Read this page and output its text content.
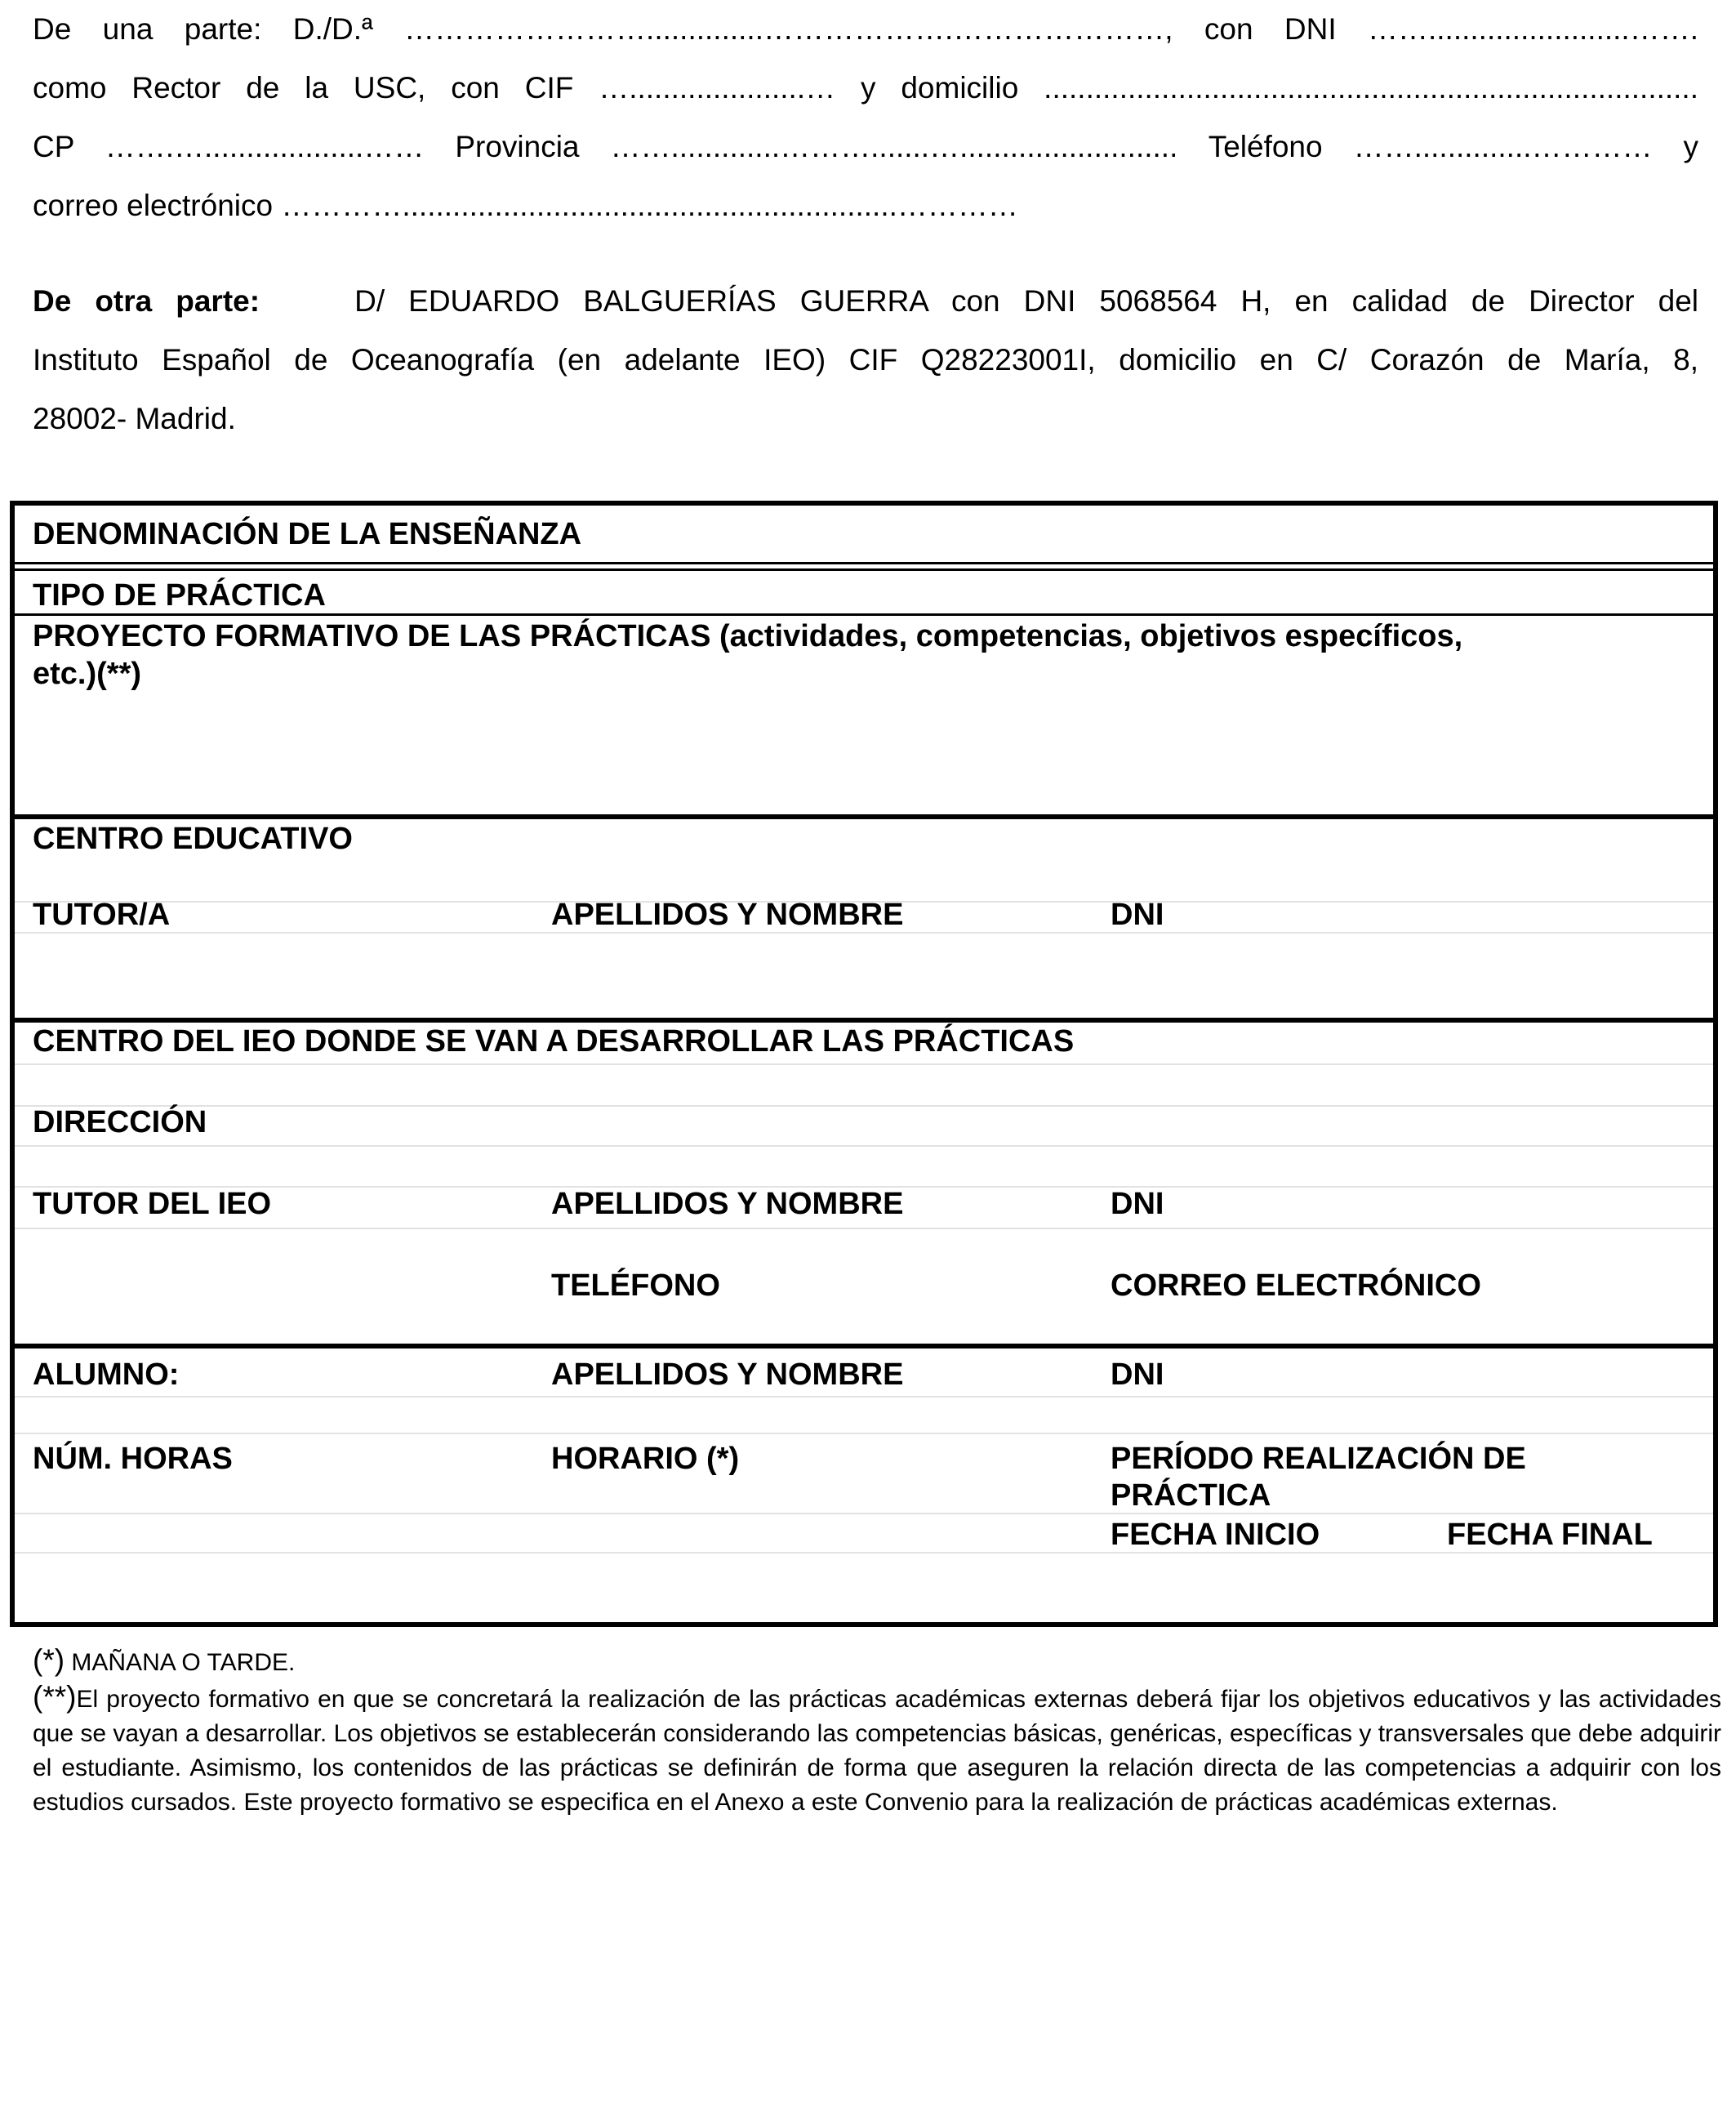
De una parte: D./D.ª ……………………..............……………….…………………, con DNI ……........................…….
como Rector de la USC, con CIF ….....................… y domicilio ..............................................................................
CP …….…...................…… Provincia …….............……….......….......................... Teléfono ……..............………… y
correo electrónico …………...........................................................…………
De otra parte:	D/ EDUARDO BALGUERÍAS GUERRA con DNI 5068564 H, en calidad de Director del
Instituto Español de Oceanografía (en adelante IEO) CIF Q28223001I, domicilio en C/ Corazón de María, 8,
28002- Madrid.
DENOMINACIÓN DE LA ENSEÑANZA
TIPO DE PRÁCTICA
PROYECTO FORMATIVO DE LAS PRÁCTICAS (actividades, competencias, objetivos específicos,
etc.)(**)
CENTRO EDUCATIVO
TUTOR/A	APELLIDOS Y NOMBRE	DNI
CENTRO DEL IEO DONDE SE VAN A DESARROLLAR LAS PRÁCTICAS
DIRECCIÓN
TUTOR DEL IEO	APELLIDOS Y NOMBRE	DNI
TELÉFONO	CORREO ELECTRÓNICO
ALUMNO:	APELLIDOS Y NOMBRE	DNI
NÚM. HORAS	HORARIO (*)	PERÍODO REALIZACIÓN DE
PRÁCTICA
FECHA INICIO	FECHA FINAL
(*) MAÑANA O TARDE.
(**)El proyecto formativo en que se concretará la realización de las prácticas académicas externas deberá fijar los objetivos educativos y las actividades que se vayan a desarrollar. Los objetivos se establecerán considerando las competencias básicas, genéricas, específicas y transversales que debe adquirir el estudiante. Asimismo, los contenidos de las prácticas se definirán de forma que aseguren la relación directa de las competencias a adquirir con los estudios cursados. Este proyecto formativo se especifica en el Anexo a este Convenio para la realización de prácticas académicas externas.
